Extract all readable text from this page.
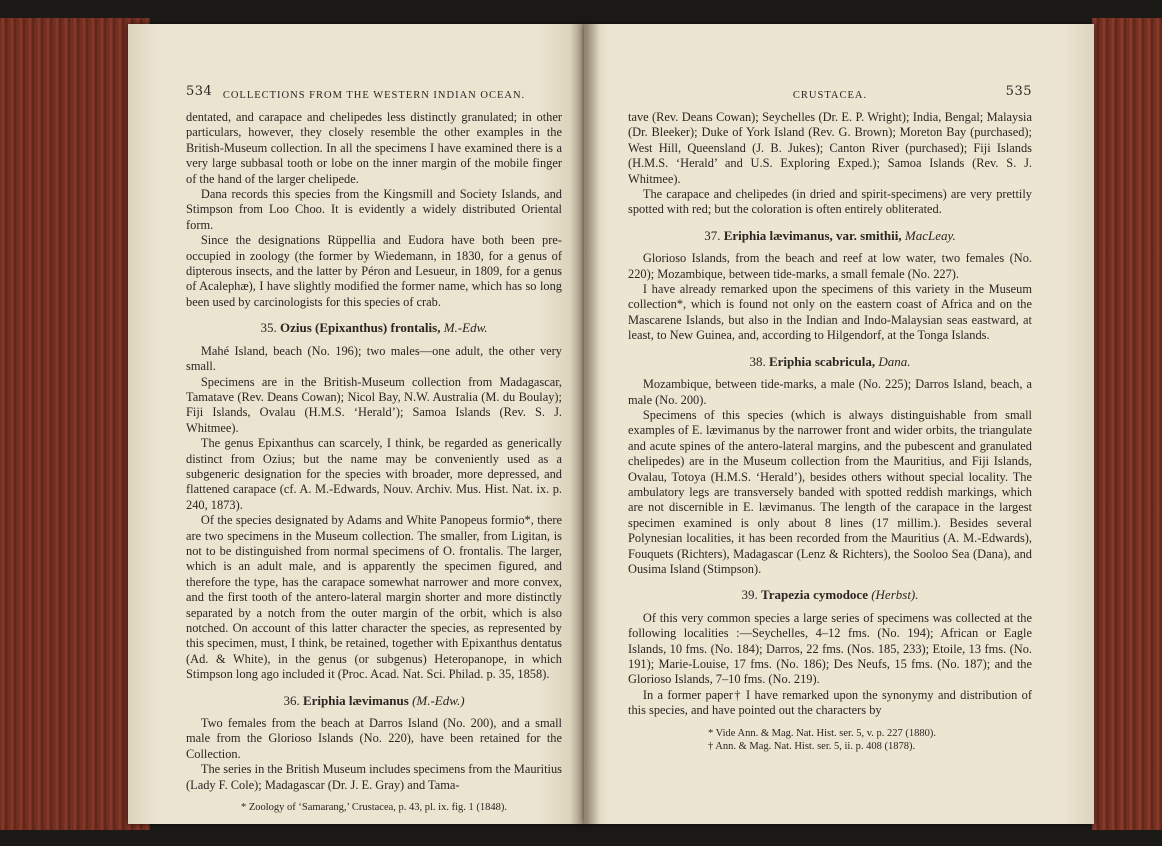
534 COLLECTIONS FROM THE WESTERN INDIAN OCEAN.

dentated, and carapace and chelipedes less distinctly granulated; in other particulars, however, they closely resemble the other examples in the British-Museum collection. In all the specimens I have examined there is a very large subbasal tooth or lobe on the inner margin of the mobile finger of the hand of the larger chelipede.

Dana records this species from the Kingsmill and Society Islands, and Stimpson from Loo Choo. It is evidently a widely distributed Oriental form.

Since the designations Rüppellia and Eudora have both been pre-occupied in zoology (the former by Wiedemann, in 1830, for a genus of dipterous insects, and the latter by Péron and Lesueur, in 1809, for a genus of Acalephæ), I have slightly modified the former name, which has so long been used by carcinologists for this species of crab.

35. Ozius (Epixanthus) frontalis, M.-Edw.

Mahé Island, beach (No. 196); two males—one adult, the other very small.

Specimens are in the British-Museum collection from Madagascar, Tamatave (Rev. Deans Cowan); Nicol Bay, N.W. Australia (M. du Boulay); Fiji Islands, Ovalau (H.M.S. ‘Herald’); Samoa Islands (Rev. S. J. Whitmee).

The genus Epixanthus can scarcely, I think, be regarded as generically distinct from Ozius; but the name may be conveniently used as a subgeneric designation for the species with broader, more depressed, and flattened carapace (cf. A. M.-Edwards, Nouv. Archiv. Mus. Hist. Nat. ix. p. 240, 1873).

Of the species designated by Adams and White Panopeus formio*, there are two specimens in the Museum collection. The smaller, from Ligitan, is not to be distinguished from normal specimens of O. frontalis. The larger, which is an adult male, and is apparently the specimen figured, and therefore the type, has the carapace somewhat narrower and more convex, and the first tooth of the antero-lateral margin shorter and more distinctly separated by a notch from the outer margin of the orbit, which is also notched. On account of this latter character the species, as represented by this specimen, must, I think, be retained, together with Epixanthus dentatus (Ad. & White), in the genus (or subgenus) Heteropanope, in which Stimpson long ago included it (Proc. Acad. Nat. Sci. Philad. p. 35, 1858).

36. Eriphia lævimanus (M.-Edw.)

Two females from the beach at Darros Island (No. 200), and a small male from the Glorioso Islands (No. 220), have been retained for the Collection.

The series in the British Museum includes specimens from the Mauritius (Lady F. Cole); Madagascar (Dr. J. E. Gray) and Tama-

* Zoology of ‘Samarang,’ Crustacea, p. 43, pl. ix. fig. 1 (1848).
CRUSTACEA.	535

tave (Rev. Deans Cowan); Seychelles (Dr. E. P. Wright); India, Bengal; Malaysia (Dr. Bleeker); Duke of York Island (Rev. G. Brown); Moreton Bay (purchased); West Hill, Queensland (J. B. Jukes); Canton River (purchased); Fiji Islands (H.M.S. ‘Herald’ and U.S. Exploring Exped.); Samoa Islands (Rev. S. J. Whitmee).

The carapace and chelipedes (in dried and spirit-specimens) are very prettily spotted with red; but the coloration is often entirely obliterated.

37. Eriphia lævimanus, var. smithii, MacLeay.

Glorioso Islands, from the beach and reef at low water, two females (No. 220); Mozambique, between tide-marks, a small female (No. 227).

I have already remarked upon the specimens of this variety in the Museum collection*, which is found not only on the eastern coast of Africa and on the Mascarene Islands, but also in the Indian and Indo-Malaysian seas eastward, at least, to New Guinea, and, according to Hilgendorf, at the Tonga Islands.

38. Eriphia scabricula, Dana.

Mozambique, between tide-marks, a male (No. 225); Darros Island, beach, a male (No. 200).

Specimens of this species (which is always distinguishable from small examples of E. lævimanus by the narrower front and wider orbits, the triangulate and acute spines of the antero-lateral margins, and the pubescent and granulated chelipedes) are in the Museum collection from the Mauritius, and Fiji Islands, Ovalau, Totoya (H.M.S. ‘Herald’), besides others without special locality. The ambulatory legs are transversely banded with spotted reddish markings, which are not discernible in E. lævimanus. The length of the carapace in the largest specimen examined is only about 8 lines (17 millim.). Besides several Polynesian localities, it has been recorded from the Mauritius (A. M.-Edwards), Fouquets (Richters), Madagascar (Lenz & Richters), the Sooloo Sea (Dana), and Ousima Island (Stimpson).

39. Trapezia cymodoce (Herbst).

Of this very common species a large series of specimens was collected at the following localities :—Seychelles, 4–12 fms. (No. 194); African or Eagle Islands, 10 fms. (No. 184); Darros, 22 fms. (Nos. 185, 233); Etoile, 13 fms. (No. 191); Marie-Louise, 17 fms. (No. 186); Des Neufs, 15 fms. (No. 187); and the Glorioso Islands, 7–10 fms. (No. 219).

In a former paper† I have remarked upon the synonymy and distribution of this species, and have pointed out the characters by

* Vide Ann. & Mag. Nat. Hist. ser. 5, v. p. 227 (1880).
† Ann. & Mag. Nat. Hist. ser. 5, ii. p. 408 (1878).
